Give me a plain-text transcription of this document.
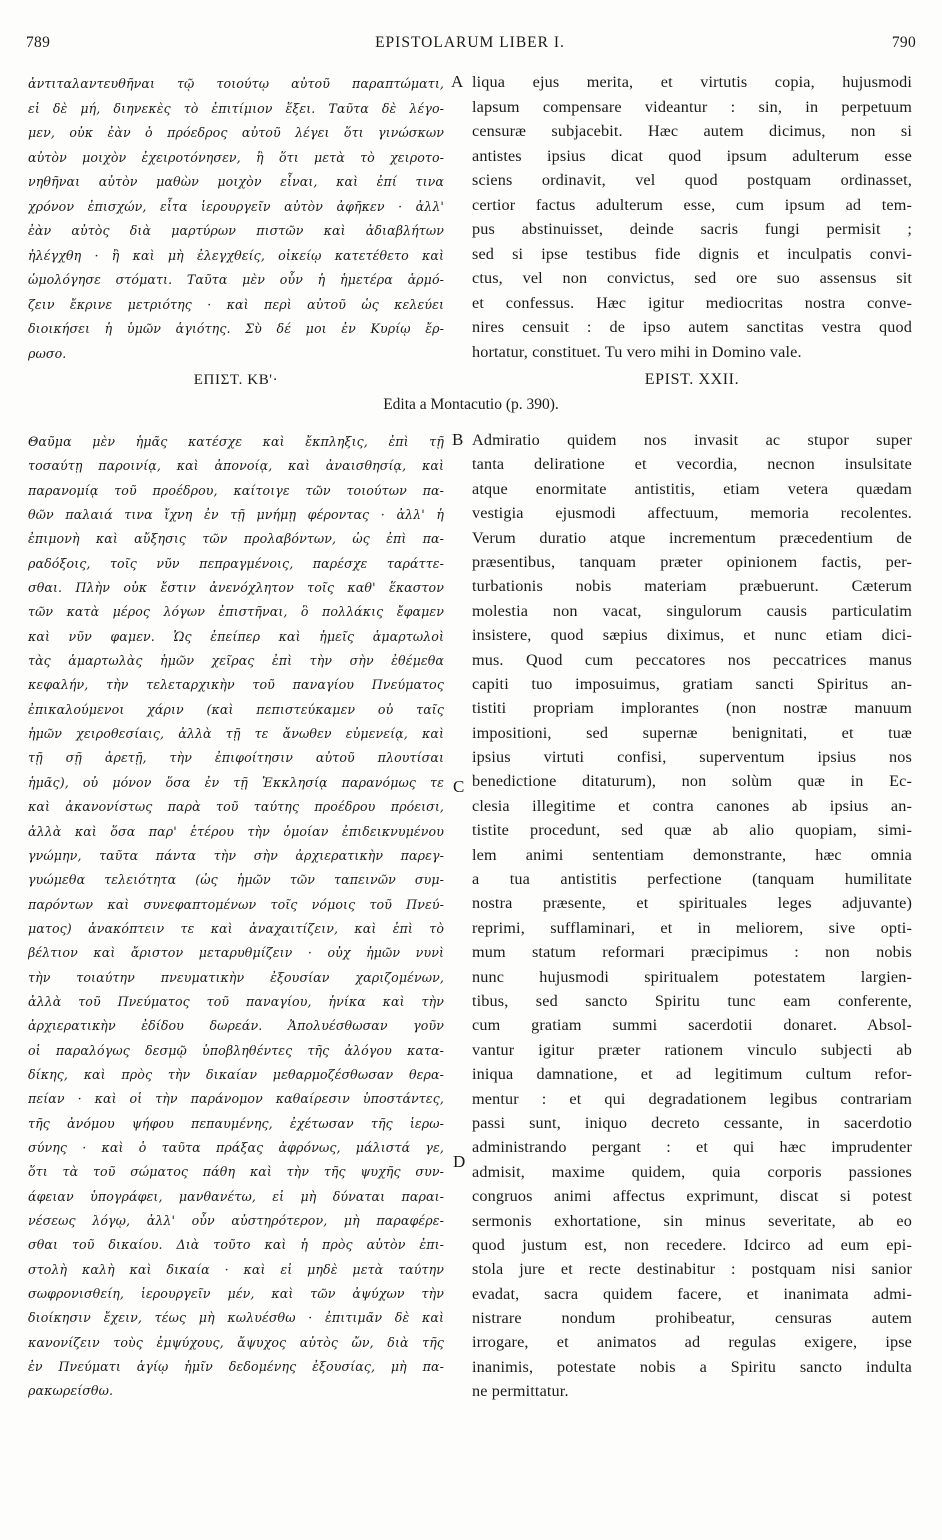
789	EPISTOLARUM LIBER I.	790
ἀντιταλαντευθῆναι τῷ τοιούτῳ αὐτοῦ παραπτώματι,
εἰ δὲ μή, διηνεκὲς τὸ ἐπιτίμιον ἕξει. Ταῦτα δὲ λέγο-
μεν, οὐκ ἐὰν ὁ πρόεδρος αὐτοῦ λέγει ὅτι γινώσκων
αὐτὸν μοιχὸν ἐχειροτόνησεν, ἢ ὅτι μετὰ τὸ χειροτο-
νηθῆναι αὐτὸν μαθὼν μοιχὸν εἶναι, καὶ ἐπί τινα
χρόνον ἐπισχών, εἶτα ἱερουργεῖν αὐτὸν ἀφῆκεν · ἀλλ'
ἐὰν αὐτὸς διὰ μαρτύρων πιστῶν καὶ ἀδιαβλήτων
ἠλέγχθη · ἢ καὶ μὴ ἐλεγχθείς, οἰκείῳ κατετέθετο καὶ
ὡμολόγησε στόματι. Ταῦτα μὲν οὖν ἡ ἡμετέρα ἁρμό-
ζειν ἔκρινε μετριότης · καὶ περὶ αὐτοῦ ὡς κελεύει
διοικήσει ἡ ὑμῶν ἁγιότης. Σὺ δέ μοι ἐν Κυρίῳ ἔρ-
ρωσο.
liqua ejus merita, et virtutis copia, hujusmodi
lapsum compensare videantur : sin, in perpetuum
censuræ subjacebit. Hæc autem dicimus, non si
antistes ipsius dicat quod ipsum adulterum esse
sciens ordinavit, vel quod postquam ordinasset,
certior factus adulterum esse, cum ipsum ad tem-
pus abstinuisset, deinde sacris fungi permisit ;
sed si ipse testibus fide dignis et inculpatis convi-
ctus, vel non convictus, sed ore suo assensus sit
et confessus. Hæc igitur mediocritas nostra conve-
nires censuit : de ipso autem sanctitas vestra quod
hortatur, constituet. Tu vero mihi in Domino vale.
A
ΕΠΙΣΤ. ΚΒ'·	EPIST. XXII.
Edita a Montacutio (p. 390).
B
C
D
Θαῦμα μὲν ἡμᾶς κατέσχε καὶ ἔκπληξις, ἐπὶ τῇ
τοσαύτῃ παροινίᾳ, καὶ ἀπονοίᾳ, καὶ ἀναισθησίᾳ, καὶ
παρανομίᾳ τοῦ προέδρου, καίτοιγε τῶν τοιούτων πα-
θῶν παλαιά τινα ἴχνη ἐν τῇ μνήμῃ φέροντας · ἀλλ' ἡ
ἐπιμονὴ καὶ αὔξησις τῶν προλαβόντων, ὡς ἐπὶ πα-
ραδόξοις, τοῖς νῦν πεπραγμένοις, παρέσχε ταράττε-
σθαι. Πλὴν οὐκ ἔστιν ἀνενόχλητον τοῖς καθ' ἕκαστον
τῶν κατὰ μέρος λόγων ἐπιστῆναι, ὃ πολλάκις ἔφαμεν
καὶ νῦν φαμεν. Ὡς ἐπείπερ καὶ ἡμεῖς ἁμαρτωλοὶ
τὰς ἁμαρτωλὰς ἡμῶν χεῖρας ἐπὶ τὴν σὴν ἐθέμεθα
κεφαλήν, τὴν τελεταρχικὴν τοῦ παναγίου Πνεύματος
ἐπικαλούμενοι χάριν (καὶ πεπιστεύκαμεν οὐ ταῖς
ἡμῶν χειροθεσίαις, ἀλλὰ τῇ τε ἄνωθεν εὐμενείᾳ, καὶ
τῇ σῇ ἀρετῇ, τὴν ἐπιφοίτησιν αὐτοῦ πλουτίσαι
ἡμᾶς), οὐ μόνον ὅσα ἐν τῇ Ἐκκλησίᾳ παρανόμως τε
καὶ ἀκανονίστως παρὰ τοῦ ταύτης προέδρου πρόεισι,
ἀλλὰ καὶ ὅσα παρ' ἑτέρου τὴν ὁμοίαν ἐπιδεικνυμένου
γνώμην, ταῦτα πάντα τὴν σὴν ἀρχιερατικὴν παρεγ-
γυώμεθα τελειότητα (ὡς ἡμῶν τῶν ταπεινῶν συμ-
παρόντων καὶ συνεφαπτομένων τοῖς νόμοις τοῦ Πνεύ-
ματος) ἀνακόπτειν τε καὶ ἀναχαιτίζειν, καὶ ἐπὶ τὸ
βέλτιον καὶ ἄριστον μεταρυθμίζειν · οὐχ ἡμῶν νυνὶ
τὴν τοιαύτην πνευματικὴν ἐξουσίαν χαριζομένων,
ἀλλὰ τοῦ Πνεύματος τοῦ παναγίου, ἡνίκα καὶ τὴν
ἀρχιερατικὴν ἐδίδου δωρεάν. Ἀπολυέσθωσαν γοῦν
οἱ παραλόγως δεσμῷ ὑποβληθέντες τῆς ἀλόγου κατα-
δίκης, καὶ πρὸς τὴν δικαίαν μεθαρμοζέσθωσαν θερα-
πείαν · καὶ οἱ τὴν παράνομον καθαίρεσιν ὑποστάντες,
τῆς ἀνόμου ψήφου πεπαυμένης, ἐχέτωσαν τῆς ἱερω-
σύνης · καὶ ὁ ταῦτα πράξας ἀφρόνως, μάλιστά γε,
ὅτι τὰ τοῦ σώματος πάθη καὶ τὴν τῆς ψυχῆς συν-
άφειαν ὑπογράφει, μανθανέτω, εἰ μὴ δύναται παραι-
νέσεως λόγῳ, ἀλλ' οὖν αὐστηρότερον, μὴ παραφέρε-
σθαι τοῦ δικαίου. Διὰ τοῦτο καὶ ἡ πρὸς αὐτὸν ἐπι-
στολὴ καλὴ καὶ δικαία · καὶ εἰ μηδὲ μετὰ ταύτην
σωφρονισθείη, ἱερουργεῖν μέν, καὶ τῶν ἀψύχων τὴν
διοίκησιν ἔχειν, τέως μὴ κωλυέσθω · ἐπιτιμᾶν δὲ καὶ
κανονίζειν τοὺς ἐμψύχους, ἄψυχος αὐτὸς ὤν, διὰ τῆς
ἐν Πνεύματι ἁγίῳ ἡμῖν δεδομένης ἐξουσίας, μὴ πα-
ρακωρείσθω.
Admiratio quidem nos invasit ac stupor super
tanta deliratione et vecordia, necnon insulsitate
atque enormitate antistitis, etiam vetera quædam
vestigia ejusmodi affectuum, memoria recolentes.
Verum duratio atque incrementum præcedentium de
præsentibus, tanquam præter opinionem factis, per-
turbationis nobis materiam præbuerunt. Cæterum
molestia non vacat, singulorum causis particulatim
insistere, quod sæpius diximus, et nunc etiam dici-
mus. Quod cum peccatores nos peccatrices manus
capiti tuo imposuimus, gratiam sancti Spiritus an-
tistiti propriam implorantes (non nostræ manuum
impositioni, sed supernæ benignitati, et tuæ
ipsius virtuti confisi, superventum ipsius nos
benedictione ditaturum), non solùm quæ in Ec-
clesia illegitime et contra canones ab ipsius an-
tistite procedunt, sed quæ ab alio quopiam, simi-
lem animi sententiam demonstrante, hæc omnia
a tua antistitis perfectione (tanquam humilitate
nostra præsente, et spirituales leges adjuvante)
reprimi, sufflaminari, et in meliorem, sive opti-
mum statum reformari præcipimus : non nobis
nunc hujusmodi spiritualem potestatem largien-
tibus, sed sancto Spiritu tunc eam conferente,
cum gratiam summi sacerdotii donaret. Absol-
vantur igitur præter rationem vinculo subjecti ab
iniqua damnatione, et ad legitimum cultum refor-
mentur : et qui degradationem legibus contrariam
passi sunt, iniquo decreto cessante, in sacerdotio
administrando pergant : et qui hæc imprudenter
admisit, maxime quidem, quia corporis passiones
congruos animi affectus exprimunt, discat si potest
sermonis exhortatione, sin minus severitate, ab eo
quod justum est, non recedere. Idcirco ad eum epi-
stola jure et recte destinabitur : postquam nisi sanior
evadat, sacra quidem facere, et inanimata admi-
nistrare nondum prohibeatur, censuras autem
irrogare, et animatos ad regulas exigere, ipse
inanimis, potestate nobis a Spiritu sancto indulta
ne permittatur.
